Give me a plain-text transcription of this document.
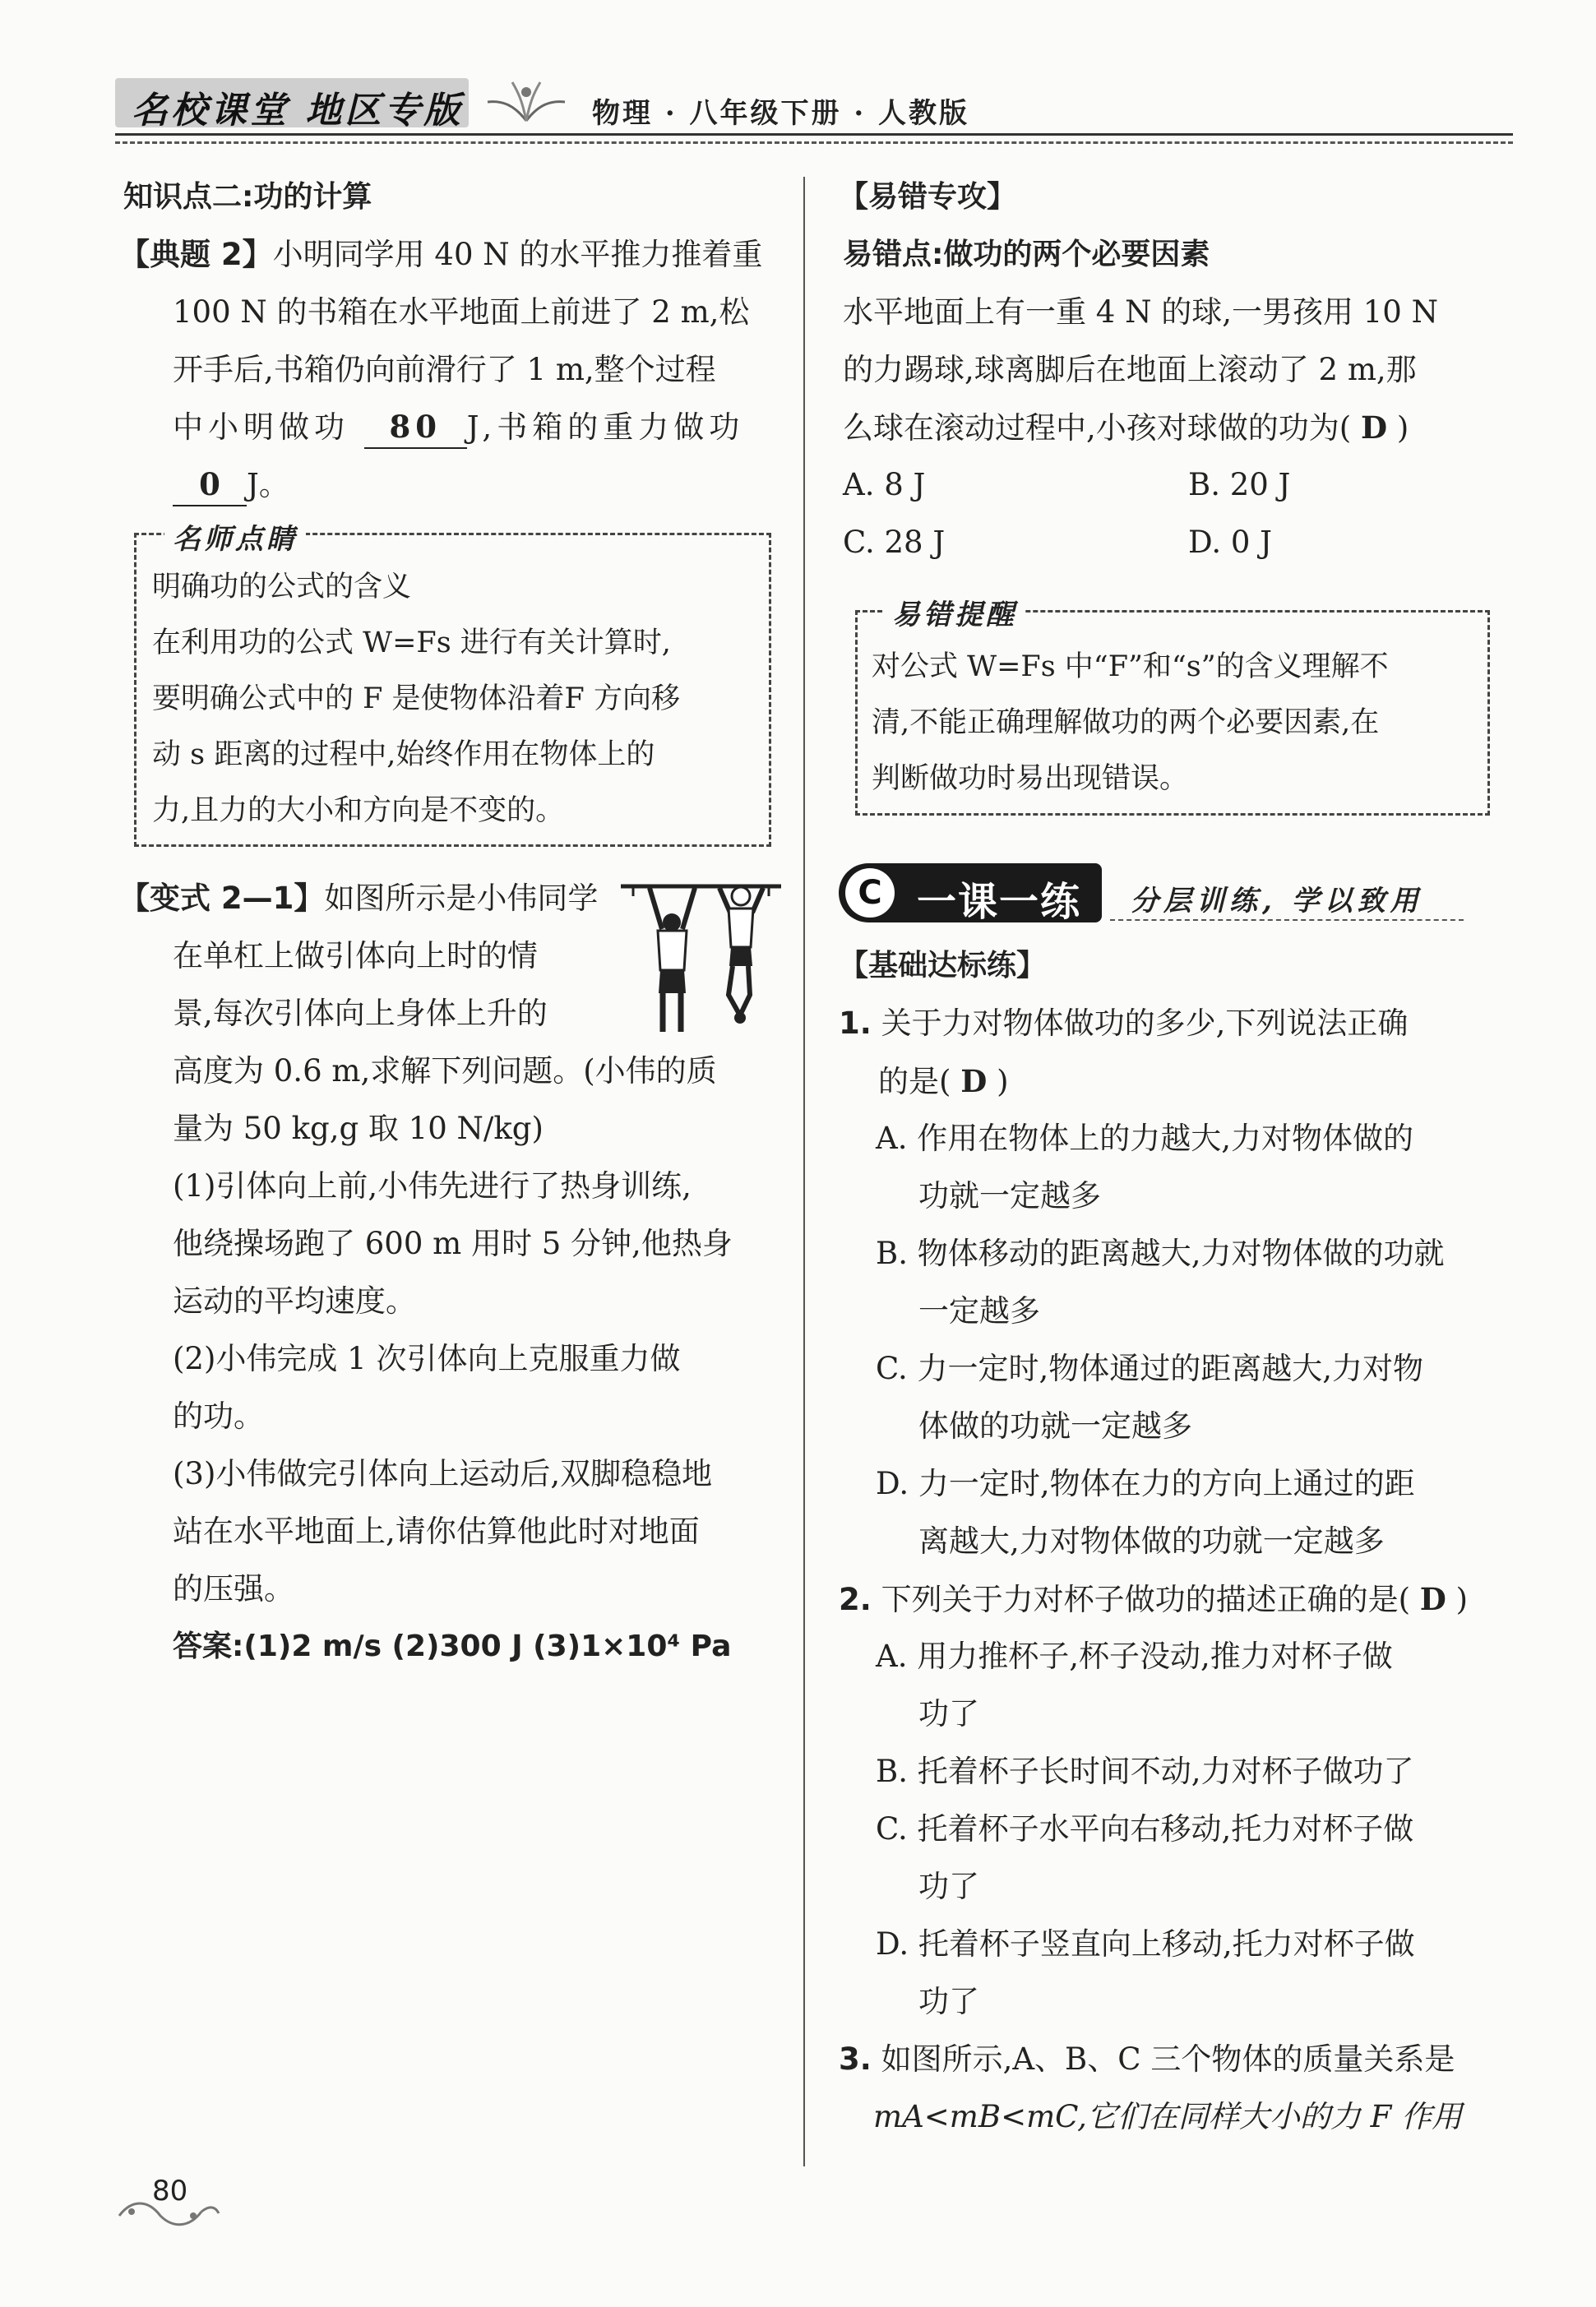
名校课堂 地区专版	物理 · 八年级下册 · 人教版
知识点二:功的计算
【典题 2】小明同学用 40 N 的水平推力推着重
100 N 的书箱在水平地面上前进了 2 m,松
开手后,书箱仍向前滑行了 1 m,整个过程
中小明做功 80 J,书箱的重力做功
0 J。
名师点睛
明确功的公式的含义
在利用功的公式 W=Fs 进行有关计算时,
要明确公式中的 F 是使物体沿着F 方向移
动 s 距离的过程中,始终作用在物体上的
力,且力的大小和方向是不变的。
【变式 2—1】如图所示是小伟同学
在单杠上做引体向上时的情
景,每次引体向上身体上升的
高度为 0.6 m,求解下列问题。(小伟的质
量为 50 kg,g 取 10 N/kg)
(1)引体向上前,小伟先进行了热身训练,
他绕操场跑了 600 m 用时 5 分钟,他热身
运动的平均速度。
(2)小伟完成 1 次引体向上克服重力做
的功。
(3)小伟做完引体向上运动后,双脚稳稳地
站在水平地面上,请你估算他此时对地面
的压强。
答案:(1)2 m/s (2)300 J (3)1×10⁴ Pa
【易错专攻】
易错点:做功的两个必要因素
水平地面上有一重 4 N 的球,一男孩用 10 N
的力踢球,球离脚后在地面上滚动了 2 m,那
么球在滚动过程中,小孩对球做的功为( D )
A. 8 J	B. 20 J
C. 28 J	D. 0 J
易错提醒
对公式 W=Fs 中“F”和“s”的含义理解不
清,不能正确理解做功的两个必要因素,在
判断做功时易出现错误。
C 一课一练 分层训练, 学以致用
【基础达标练】
1. 关于力对物体做功的多少,下列说法正确
的是( D )
A. 作用在物体上的力越大,力对物体做的
功就一定越多
B. 物体移动的距离越大,力对物体做的功就
一定越多
C. 力一定时,物体通过的距离越大,力对物
体做的功就一定越多
D. 力一定时,物体在力的方向上通过的距
离越大,力对物体做的功就一定越多
2. 下列关于力对杯子做功的描述正确的是( D )
A. 用力推杯子,杯子没动,推力对杯子做
功了
B. 托着杯子长时间不动,力对杯子做功了
C. 托着杯子水平向右移动,托力对杯子做
功了
D. 托着杯子竖直向上移动,托力对杯子做
功了
3. 如图所示,A、B、C 三个物体的质量关系是
mA<mB<mC,它们在同样大小的力 F 作用
80
